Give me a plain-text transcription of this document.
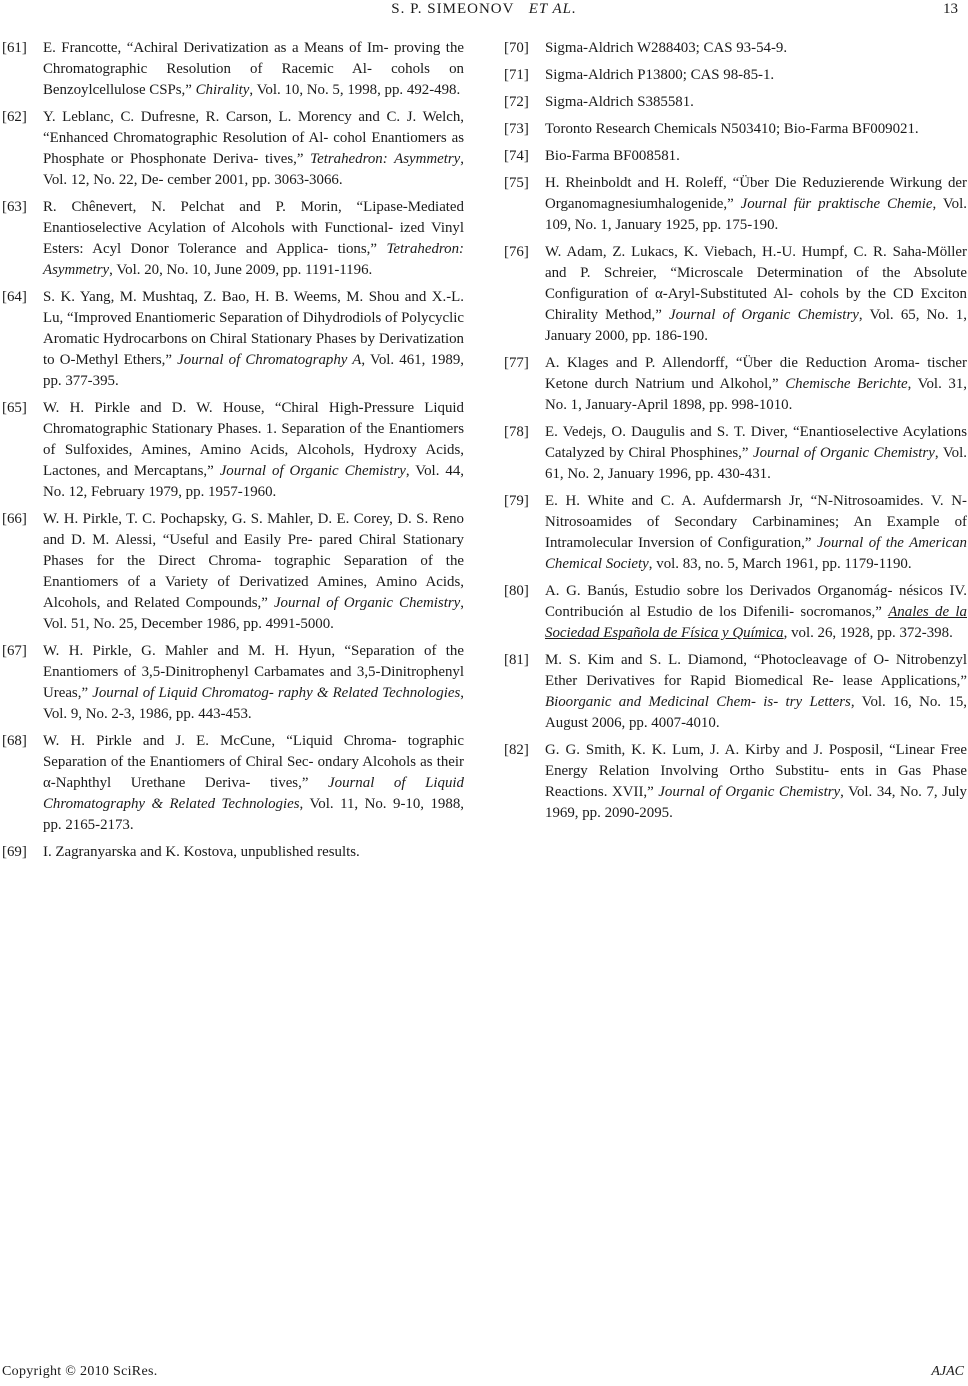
S. P. SIMEONOV ET AL.	13
[61] E. Francotte, “Achiral Derivatization as a Means of Im- proving the Chromatographic Resolution of Racemic Al- cohols on Benzoylcellulose CSPs,” Chirality, Vol. 10, No. 5, 1998, pp. 492-498.
[62] Y. Leblanc, C. Dufresne, R. Carson, L. Morency and C. J. Welch, “Enhanced Chromatographic Resolution of Al- cohol Enantiomers as Phosphate or Phosphonate Deriva- tives,” Tetrahedron: Asymmetry, Vol. 12, No. 22, De- cember 2001, pp. 3063-3066.
[63] R. Chênevert, N. Pelchat and P. Morin, “Lipase-Mediated Enantioselective Acylation of Alcohols with Functional- ized Vinyl Esters: Acyl Donor Tolerance and Applica- tions,” Tetrahedron: Asymmetry, Vol. 20, No. 10, June 2009, pp. 1191-1196.
[64] S. K. Yang, M. Mushtaq, Z. Bao, H. B. Weems, M. Shou and X.-L. Lu, “Improved Enantiomeric Separation of Dihydrodiols of Polycyclic Aromatic Hydrocarbons on Chiral Stationary Phases by Derivatization to O-Methyl Ethers,” Journal of Chromatography A, Vol. 461, 1989, pp. 377-395.
[65] W. H. Pirkle and D. W. House, “Chiral High-Pressure Liquid Chromatographic Stationary Phases. 1. Separation of the Enantiomers of Sulfoxides, Amines, Amino Acids, Alcohols, Hydroxy Acids, Lactones, and Mercaptans,” Journal of Organic Chemistry, Vol. 44, No. 12, February 1979, pp. 1957-1960.
[66] W. H. Pirkle, T. C. Pochapsky, G. S. Mahler, D. E. Corey, D. S. Reno and D. M. Alessi, “Useful and Easily Pre- pared Chiral Stationary Phases for the Direct Chroma- tographic Separation of the Enantiomers of a Variety of Derivatized Amines, Amino Acids, Alcohols, and Related Compounds,” Journal of Organic Chemistry, Vol. 51, No. 25, December 1986, pp. 4991-5000.
[67] W. H. Pirkle, G. Mahler and M. H. Hyun, “Separation of the Enantiomers of 3,5-Dinitrophenyl Carbamates and 3,5-Dinitrophenyl Ureas,” Journal of Liquid Chromatog- raphy & Related Technologies, Vol. 9, No. 2-3, 1986, pp. 443-453.
[68] W. H. Pirkle and J. E. McCune, “Liquid Chroma- tographic Separation of the Enantiomers of Chiral Sec- ondary Alcohols as their α-Naphthyl Urethane Deriva- tives,” Journal of Liquid Chromatography & Related Technologies, Vol. 11, No. 9-10, 1988, pp. 2165-2173.
[69] I. Zagranyarska and K. Kostova, unpublished results.
[70] Sigma-Aldrich W288403; CAS 93-54-9.
[71] Sigma-Aldrich P13800; CAS 98-85-1.
[72] Sigma-Aldrich S385581.
[73] Toronto Research Chemicals N503410; Bio-Farma BF009021.
[74] Bio-Farma BF008581.
[75] H. Rheinboldt and H. Roleff, “Über Die Reduzierende Wirkung der Organomagnesiumhalogenide,” Journal für praktische Chemie, Vol. 109, No. 1, January 1925, pp. 175-190.
[76] W. Adam, Z. Lukacs, K. Viebach, H.-U. Humpf, C. R. Saha-Möller and P. Schreier, “Microscale Determination of the Absolute Configuration of α-Aryl-Substituted Al- cohols by the CD Exciton Chirality Method,” Journal of Organic Chemistry, Vol. 65, No. 1, January 2000, pp. 186-190.
[77] A. Klages and P. Allendorff, “Über die Reduction Aroma- tischer Ketone durch Natrium und Alkohol,” Chemische Berichte, Vol. 31, No. 1, January-April 1898, pp. 998-1010.
[78] E. Vedejs, O. Daugulis and S. T. Diver, “Enantioselective Acylations Catalyzed by Chiral Phosphines,” Journal of Organic Chemistry, Vol. 61, No. 2, January 1996, pp. 430-431.
[79] E. H. White and C. A. Aufdermarsh Jr, “N-Nitrosoamides. V. N-Nitrosoamides of Secondary Carbinamines; An Example of Intramolecular Inversion of Configuration,” Journal of the American Chemical Society, vol. 83, no. 5, March 1961, pp. 1179-1190.
[80] A. G. Banús, Estudio sobre los Derivados Organomág- nésicos IV. Contribución al Estudio de los Difenili- socromanos,” Anales de la Sociedad Española de Física y Química, vol. 26, 1928, pp. 372-398.
[81] M. S. Kim and S. L. Diamond, “Photocleavage of O- Nitrobenzyl Ether Derivatives for Rapid Biomedical Re- lease Applications,” Bioorganic and Medicinal Chem- is- try Letters, Vol. 16, No. 15, August 2006, pp. 4007-4010.
[82] G. G. Smith, K. K. Lum, J. A. Kirby and J. Posposil, “Linear Free Energy Relation Involving Ortho Substitu- ents in Gas Phase Reactions. XVII,” Journal of Organic Chemistry, Vol. 34, No. 7, July 1969, pp. 2090-2095.
Copyright © 2010 SciRes.	AJAC
